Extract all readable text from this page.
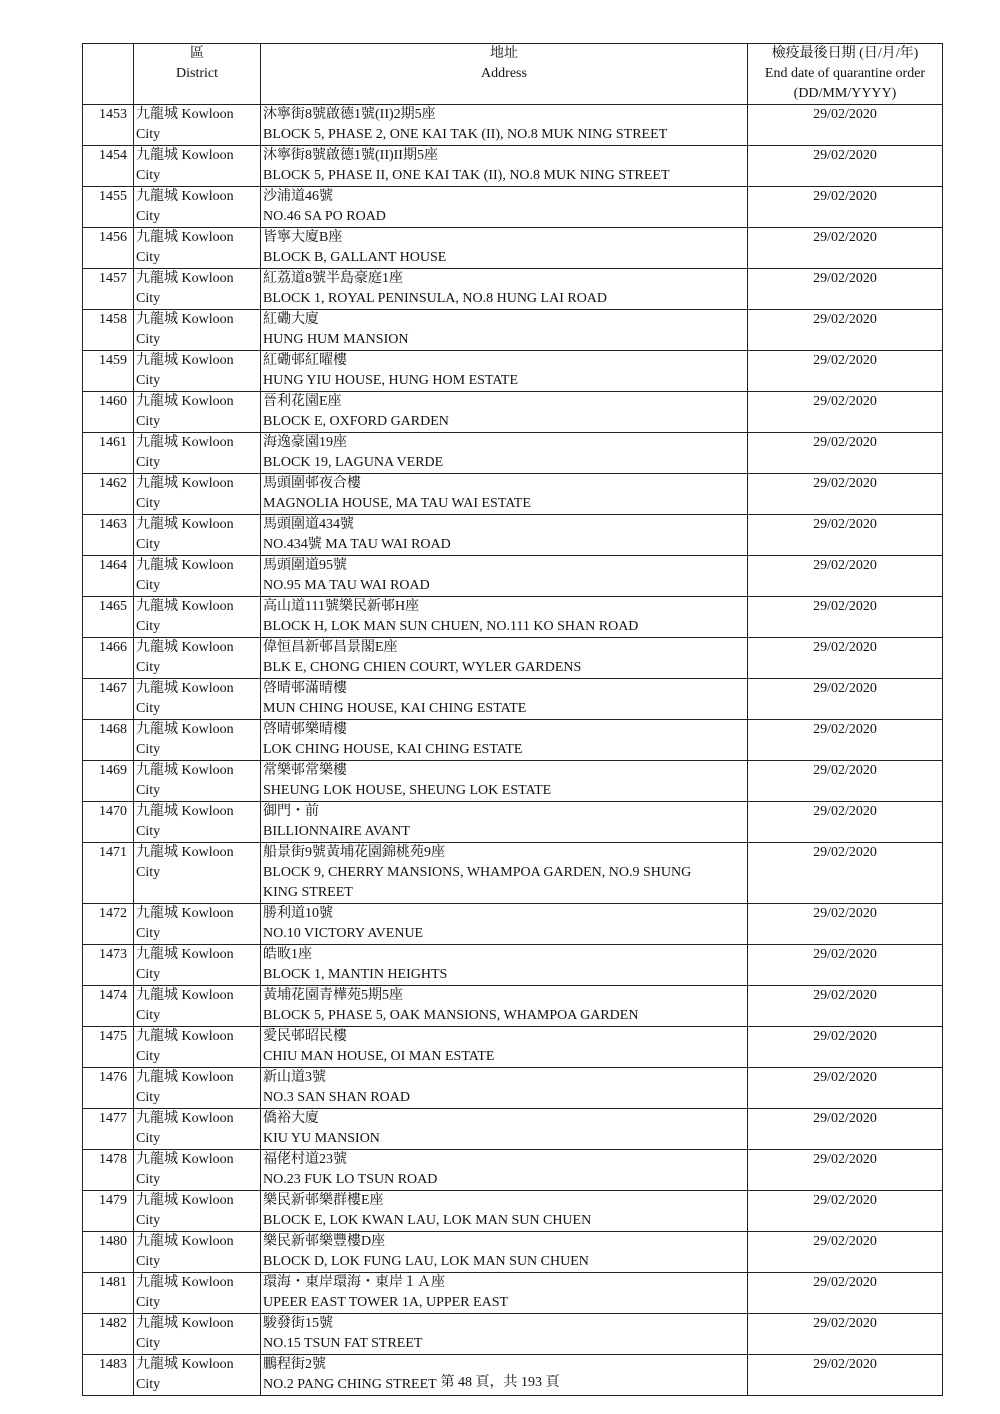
	區
District	地址
Address	檢疫最後日期 (日/月/年)
End date of quarantine order
(DD/MM/YYYY)

1453	九龍城 Kowloon
City	沐寧街8號啟德1號(II)2期5座
BLOCK 5, PHASE 2, ONE KAI TAK (II), NO.8 MUK NING STREET	29/02/2020
1454	九龍城 Kowloon
City	沐寧街8號啟德1號(II)II期5座
BLOCK 5, PHASE II, ONE KAI TAK (II), NO.8 MUK NING STREET	29/02/2020
1455	九龍城 Kowloon
City	沙浦道46號
NO.46 SA PO ROAD	29/02/2020
1456	九龍城 Kowloon
City	皆寧大廈B座
BLOCK B, GALLANT HOUSE	29/02/2020
1457	九龍城 Kowloon
City	紅荔道8號半島豪庭1座
BLOCK 1, ROYAL PENINSULA, NO.8 HUNG LAI ROAD	29/02/2020
1458	九龍城 Kowloon
City	紅磡大廈
HUNG HUM MANSION	29/02/2020
1459	九龍城 Kowloon
City	紅磡邨紅曜樓
HUNG YIU HOUSE, HUNG HOM ESTATE	29/02/2020
1460	九龍城 Kowloon
City	晉利花園E座
BLOCK E, OXFORD GARDEN	29/02/2020
1461	九龍城 Kowloon
City	海逸豪園19座
BLOCK 19, LAGUNA VERDE	29/02/2020
1462	九龍城 Kowloon
City	馬頭圍邨夜合樓
MAGNOLIA HOUSE, MA TAU WAI ESTATE	29/02/2020
1463	九龍城 Kowloon
City	馬頭圍道434號
NO.434號 MA TAU WAI ROAD	29/02/2020
1464	九龍城 Kowloon
City	馬頭圍道95號
NO.95 MA TAU WAI ROAD	29/02/2020
1465	九龍城 Kowloon
City	高山道111號樂民新邨H座
BLOCK H, LOK MAN SUN CHUEN, NO.111 KO SHAN ROAD	29/02/2020
1466	九龍城 Kowloon
City	偉恒昌新邨昌景閣E座
BLK E, CHONG CHIEN COURT, WYLER GARDENS	29/02/2020
1467	九龍城 Kowloon
City	啓晴邨滿晴樓
MUN CHING HOUSE, KAI CHING ESTATE	29/02/2020
1468	九龍城 Kowloon
City	啓晴邨樂晴樓
LOK CHING HOUSE, KAI CHING ESTATE	29/02/2020
1469	九龍城 Kowloon
City	常樂邨常樂樓
SHEUNG LOK HOUSE, SHEUNG LOK ESTATE	29/02/2020
1470	九龍城 Kowloon
City	御門・前
BILLIONNAIRE AVANT	29/02/2020
1471	九龍城 Kowloon
City	船景街9號黃埔花園錦桃苑9座
BLOCK 9, CHERRY MANSIONS, WHAMPOA GARDEN, NO.9 SHUNG
KING STREET	29/02/2020
1472	九龍城 Kowloon
City	勝利道10號
NO.10 VICTORY AVENUE	29/02/2020
1473	九龍城 Kowloon
City	皓畋1座
BLOCK 1, MANTIN HEIGHTS	29/02/2020
1474	九龍城 Kowloon
City	黃埔花園青樺苑5期5座
BLOCK 5, PHASE 5, OAK MANSIONS, WHAMPOA GARDEN	29/02/2020
1475	九龍城 Kowloon
City	愛民邨昭民樓
CHIU MAN HOUSE, OI MAN ESTATE	29/02/2020
1476	九龍城 Kowloon
City	新山道3號
NO.3 SAN SHAN ROAD	29/02/2020
1477	九龍城 Kowloon
City	僑裕大廈
KIU YU MANSION	29/02/2020
1478	九龍城 Kowloon
City	福佬村道23號
NO.23 FUK LO TSUN ROAD	29/02/2020
1479	九龍城 Kowloon
City	樂民新邨樂群樓E座
BLOCK E, LOK KWAN LAU, LOK MAN SUN CHUEN	29/02/2020
1480	九龍城 Kowloon
City	樂民新邨樂豐樓D座
BLOCK D, LOK FUNG LAU, LOK MAN SUN CHUEN	29/02/2020
1481	九龍城 Kowloon
City	環海・東岸環海・東岸１Ａ座
UPEER EAST TOWER 1A, UPPER EAST	29/02/2020
1482	九龍城 Kowloon
City	駿發街15號
NO.15 TSUN FAT STREET	29/02/2020
1483	九龍城 Kowloon
City	鵬程街2號
NO.2 PANG CHING STREET	29/02/2020
第 48 頁，共 193 頁
